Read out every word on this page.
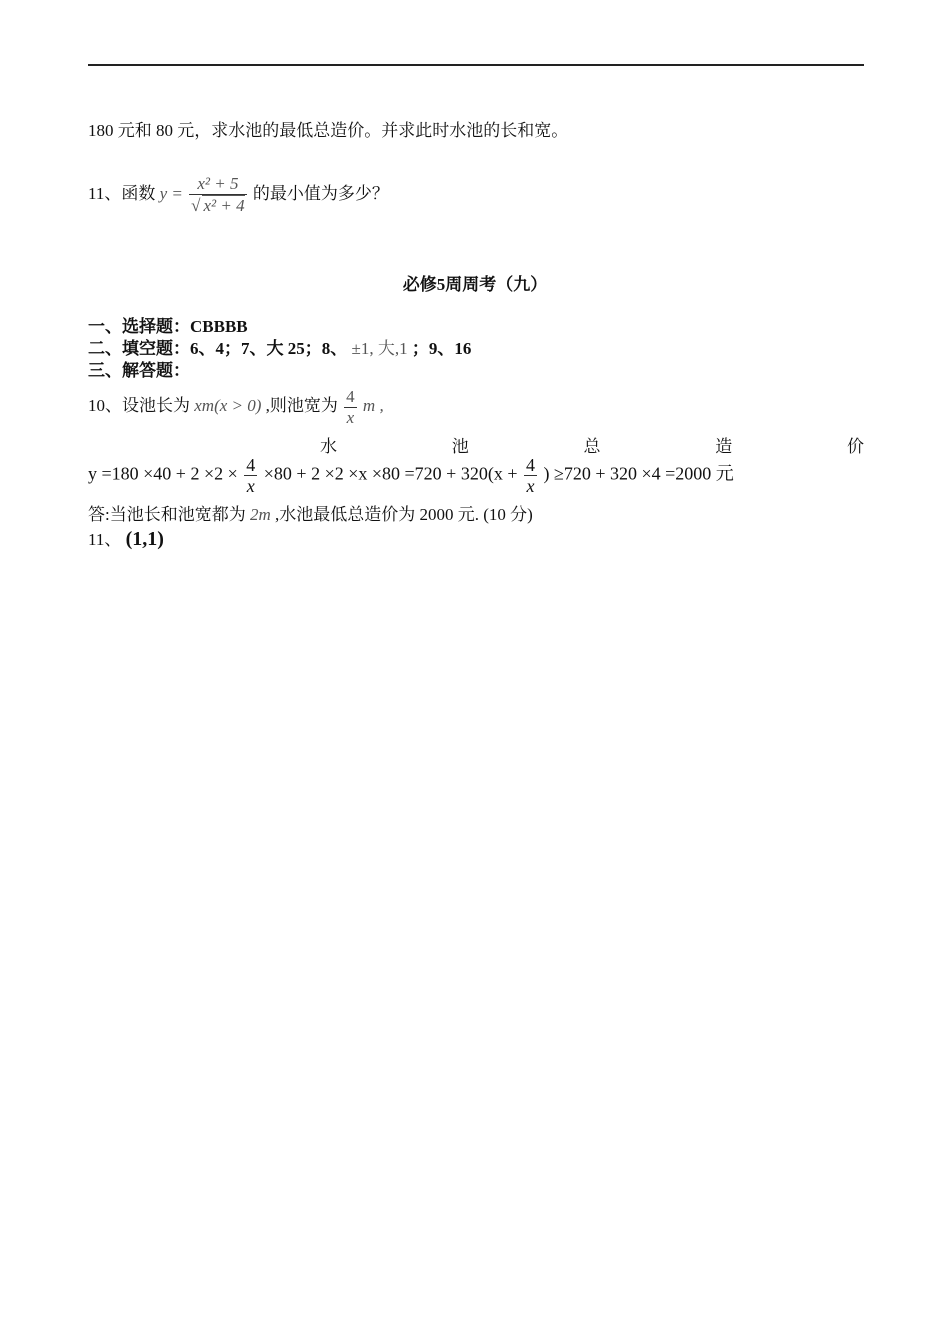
180 元和 80 元，求水池的最低总造价。并求此时水池的长和宽。
11、函数 $y = \frac{\text{x² + 5}}{\text{√ x² + 4}}$ 的最小值为多少？
必修5周周考（九）
一、选择题：CBBBB
二、填空题：6、4；7、大 25；8、 ±1, 大,1 ；9、16
三、解答题：
10、设池长为 xm(x > 0) ,则池宽为 $\frac{4}{x}$ m ,
水	池	总	造	价
$y =180 \times 40 + 2 \times 2 \times \frac{4}{x} \times 80 + 2 \times 2 \times x \times 80 =720 + 320(x + \frac{4}{x}$ ) ≥720 + 320 ×4 =2000 元
答:当池长和池宽都为 2m ,水池最低总造价为 2000 元. (10 分)
11、 (1,1)
